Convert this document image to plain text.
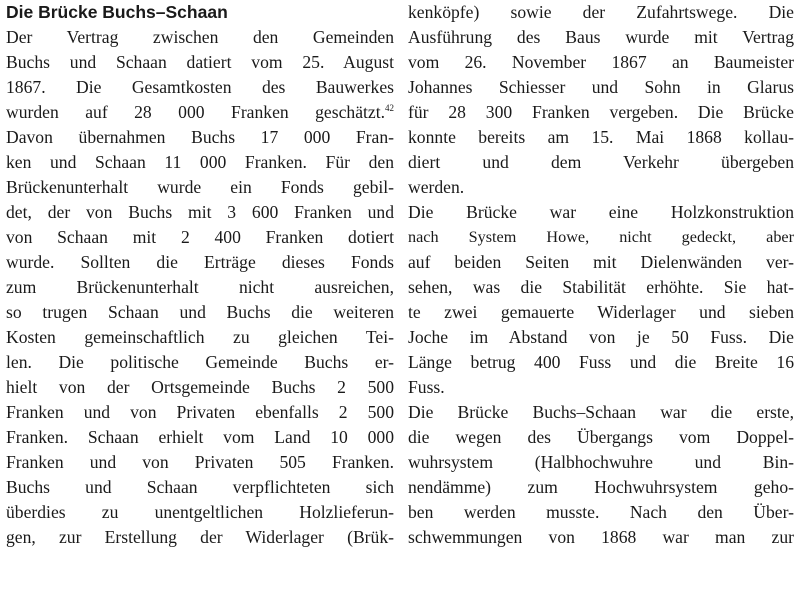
Die Brücke Buchs–Schaan
Der Vertrag zwischen den Gemeinden
Buchs und Schaan datiert vom 25. August
1867. Die Gesamtkosten des Bauwerkes
wurden auf 28 000 Franken geschätzt.$^{42}$
Davon übernahmen Buchs 17 000 Fran-
ken und Schaan 11 000 Franken. Für den
Brückenunterhalt wurde ein Fonds gebil-
det, der von Buchs mit 3 600 Franken und
von Schaan mit 2 400 Franken dotiert
wurde. Sollten die Erträge dieses Fonds
zum Brückenunterhalt nicht ausreichen,
so trugen Schaan und Buchs die weiteren
Kosten gemeinschaftlich zu gleichen Tei-
len. Die politische Gemeinde Buchs er-
hielt von der Ortsgemeinde Buchs 2 500
Franken und von Privaten ebenfalls 2 500
Franken. Schaan erhielt vom Land 10 000
Franken und von Privaten 505 Franken.
Buchs und Schaan verpflichteten sich
überdies zu unentgeltlichen Holzlieferun-
gen, zur Erstellung der Widerlager (Brük-
kenköpfe) sowie der Zufahrtswege. Die
Ausführung des Baus wurde mit Vertrag
vom 26. November 1867 an Baumeister
Johannes Schiesser und Sohn in Glarus
für 28 300 Franken vergeben. Die Brücke
konnte bereits am 15. Mai 1868 kollau-
diert und dem Verkehr übergeben
werden.
Die Brücke war eine Holzkonstruktion
nach System Howe, nicht gedeckt, aber
auf beiden Seiten mit Dielenwänden ver-
sehen, was die Stabilität erhöhte. Sie hat-
te zwei gemauerte Widerlager und sieben
Joche im Abstand von je 50 Fuss. Die
Länge betrug 400 Fuss und die Breite 16
Fuss.
Die Brücke Buchs–Schaan war die erste,
die wegen des Übergangs vom Doppel-
wuhrsystem (Halbhochwuhre und Bin-
nendämme) zum Hochwuhrsystem geho-
ben werden musste. Nach den Über-
schwemmungen von 1868 war man zur
